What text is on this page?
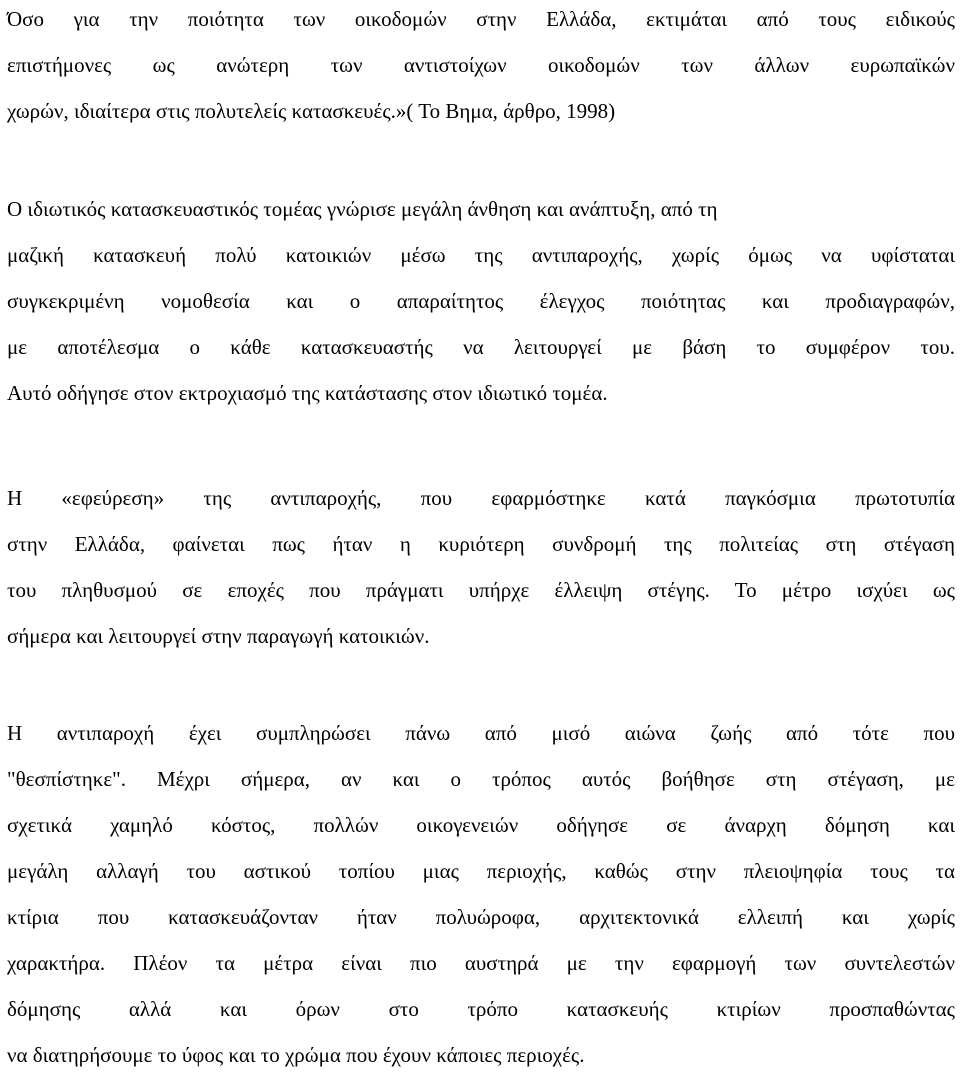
Όσο για την ποιότητα των οικοδομών στην Ελλάδα, εκτιμάται από τους ειδικούς
επιστήμονες ως ανώτερη των αντιστοίχων οικοδομών των άλλων ευρωπαϊκών
χωρών, ιδιαίτερα στις πολυτελείς κατασκευές.»( Το Βημα, άρθρο, 1998)
Ο ιδιωτικός κατασκευαστικός τομέας γνώρισε μεγάλη άνθηση και ανάπτυξη, από τη
μαζική κατασκευή πολύ κατοικιών μέσω της αντιπαροχής, χωρίς όμως να υφίσταται
συγκεκριμένη νομοθεσία και ο απαραίτητος έλεγχος ποιότητας και προδιαγραφών,
με αποτέλεσμα ο κάθε κατασκευαστής να λειτουργεί με βάση το συμφέρον του.
Αυτό οδήγησε στον εκτροχιασμό της κατάστασης στον ιδιωτικό τομέα.
Η «εφεύρεση» της αντιπαροχής, που εφαρμόστηκε κατά παγκόσμια πρωτοτυπία
στην Ελλάδα, φαίνεται πως ήταν η κυριότερη συνδρομή της πολιτείας στη στέγαση
του πληθυσμού σε εποχές που πράγματι υπήρχε έλλειψη στέγης. Το μέτρο ισχύει ως
σήμερα και λειτουργεί στην παραγωγή κατοικιών.
Η αντιπαροχή έχει συμπληρώσει πάνω από μισό αιώνα ζωής από τότε που
"θεσπίστηκε". Μέχρι σήμερα, αν και ο τρόπος αυτός βοήθησε στη στέγαση, με
σχετικά χαμηλό κόστος, πολλών οικογενειών οδήγησε σε άναρχη δόμηση και
μεγάλη αλλαγή του αστικού τοπίου μιας περιοχής, καθώς στην πλειοψηφία τους τα
κτίρια που κατασκευάζονταν ήταν πολυώροφα, αρχιτεκτονικά ελλειπή και χωρίς
χαρακτήρα. Πλέον τα μέτρα είναι πιο αυστηρά με την εφαρμογή των συντελεστών
δόμησης αλλά και όρων στο τρόπο κατασκευής κτιρίων προσπαθώντας
να διατηρήσουμε το ύφος και το χρώμα που έχουν κάποιες περιοχές.
